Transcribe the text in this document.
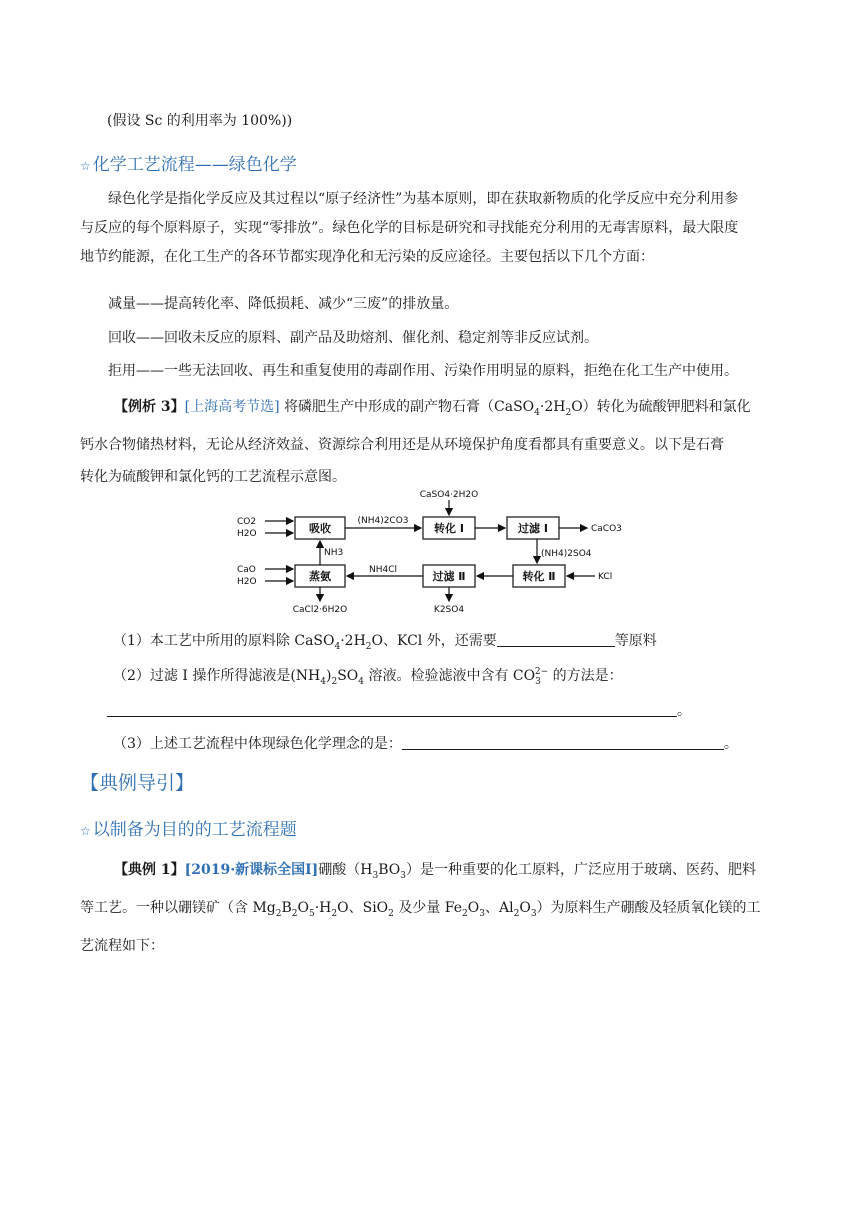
(假设 Sc 的利用率为 100%))
☆ 化学工艺流程——绿色化学
绿色化学是指化学反应及其过程以“原子经济性”为基本原则，即在获取新物质的化学反应中充分利用参
与反应的每个原料原子，实现“零排放”。绿色化学的目标是研究和寻找能充分利用的无毒害原料，最大限度
地节约能源，在化工生产的各环节都实现净化和无污染的反应途径。主要包括以下几个方面：
减量——提高转化率、降低损耗、减少“三废”的排放量。
回收——回收未反应的原料、副产品及助熔剂、催化剂、稳定剂等非反应试剂。
拒用——一些无法回收、再生和重复使用的毒副作用、污染作用明显的原料，拒绝在化工生产中使用。
【例析 3】[上海高考节选] 将磷肥生产中形成的副产物石膏$(CaSO_4\cdot 2H_2O)$转化为硫酸钾肥料和氯化
钙水合物储热材料，无论从经济效益、资源综合利用还是从环境保护角度看都具有重要意义。以下是石膏
转化为硫酸钾和氯化钙的工艺流程示意图。
吸收	转化 Ⅰ	过滤 Ⅰ
蒸氨	过滤 Ⅱ	转化 Ⅱ
CaSO4·2H2O
CO2
H2O
(NH4)2CO3
CaCO3
NH3	(NH4)2SO4
CaO
H2O
NH4Cl
KCl
CaCl2·6H2O	K2SO4
（1）本工艺中所用的原料除 $CaSO_4\cdot 2H_2O$、KCl 外，还需要	等原料
（2）过滤 Ⅰ 操作所得滤液是$(NH_4)_2SO_4$ 溶液。检验滤液中含有 $CO_3^{2-}$ 的方法是：
。
（3）上述工艺流程中体现绿色化学理念的是：	。
【典例导引】
☆ 以制备为目的的工艺流程题
【典例 1】[2019·新课标全国Ⅰ]硼酸$(H_3BO_3)$是一种重要的化工原料，广泛应用于玻璃、医药、肥料
等工艺。一种以硼镁矿（含 $Mg_2B_2O_5\cdot H_2O$、SiO$_2$ 及少量 $Fe_2O_3$、$Al_2O_3$）为原料生产硼酸及轻质氧化镁的工
艺流程如下：
